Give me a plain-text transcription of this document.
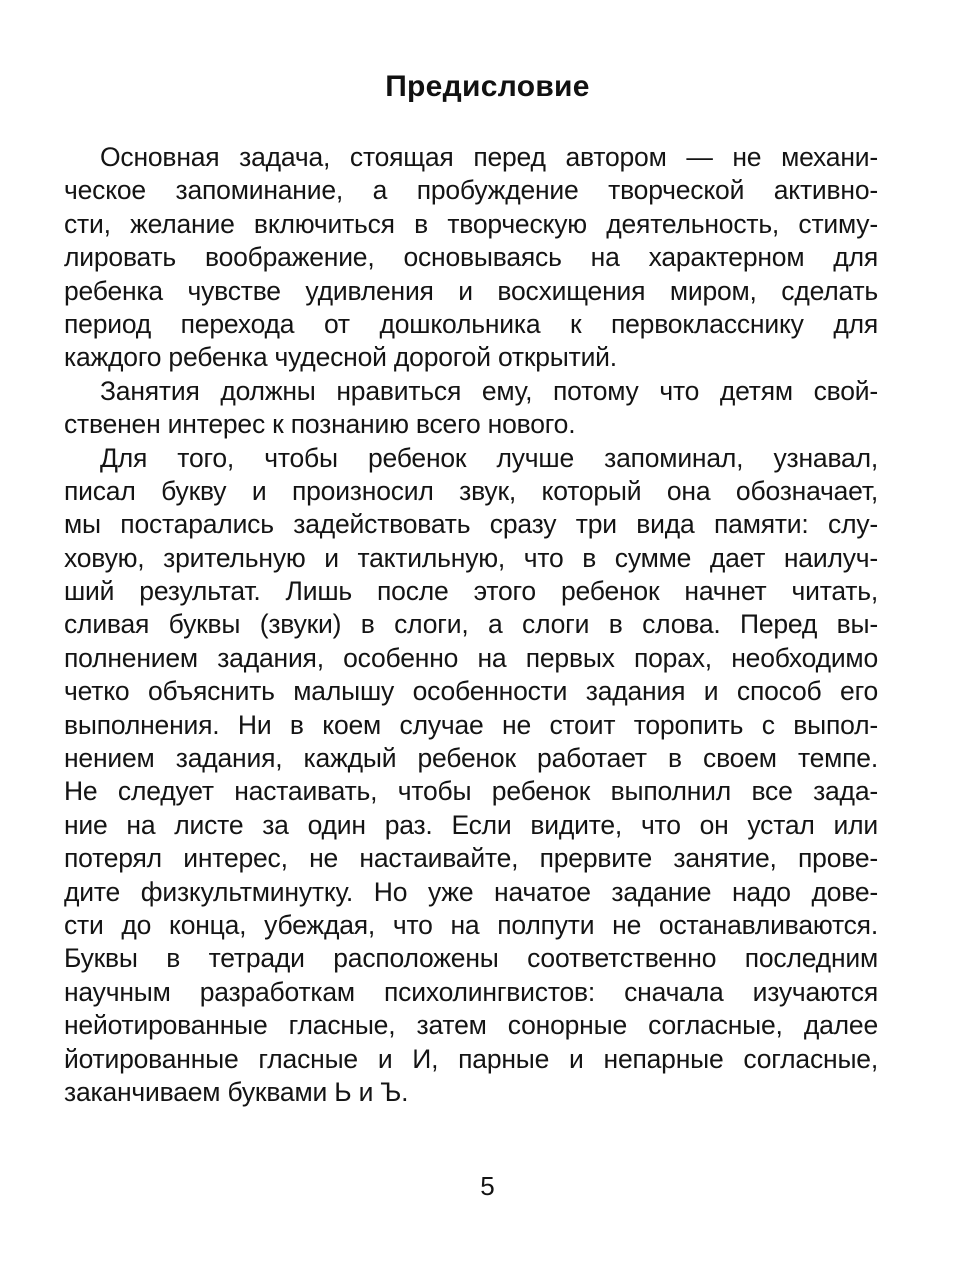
Предисловие
Основная задача, стоящая перед автором — не механи-
ческое запоминание, а пробуждение творческой активно-
сти, желание включиться в творческую деятельность, стиму-
лировать воображение, основываясь на характерном для
ребенка чувстве удивления и восхищения миром, сделать
период перехода от дошкольника к первокласснику для
каждого ребенка чудесной дорогой открытий.
Занятия должны нравиться ему, потому что детям свой-
ственен интерес к познанию всего нового.
Для того, чтобы ребенок лучше запоминал, узнавал,
писал букву и произносил звук, который она обозначает,
мы постарались задействовать сразу три вида памяти: слу-
ховую, зрительную и тактильную, что в сумме дает наилуч-
ший результат. Лишь после этого ребенок начнет читать,
сливая буквы (звуки) в слоги, а слоги в слова. Перед вы-
полнением задания, особенно на первых порах, необходимо
четко объяснить малышу особенности задания и способ его
выполнения. Ни в коем случае не стоит торопить с выпол-
нением задания, каждый ребенок работает в своем темпе.
Не следует настаивать, чтобы ребенок выполнил все зада-
ние на листе за один раз. Если видите, что он устал или
потерял интерес, не настаивайте, прервите занятие, прове-
дите физкультминутку. Но уже начатое задание надо дове-
сти до конца, убеждая, что на полпути не останавливаются.
Буквы в тетради расположены соответственно последним
научным разработкам психолингвистов: сначала изучаются
нейотированные гласные, затем сонорные согласные, далее
йотированные гласные и И, парные и непарные согласные,
заканчиваем буквами Ь и Ъ.
5
